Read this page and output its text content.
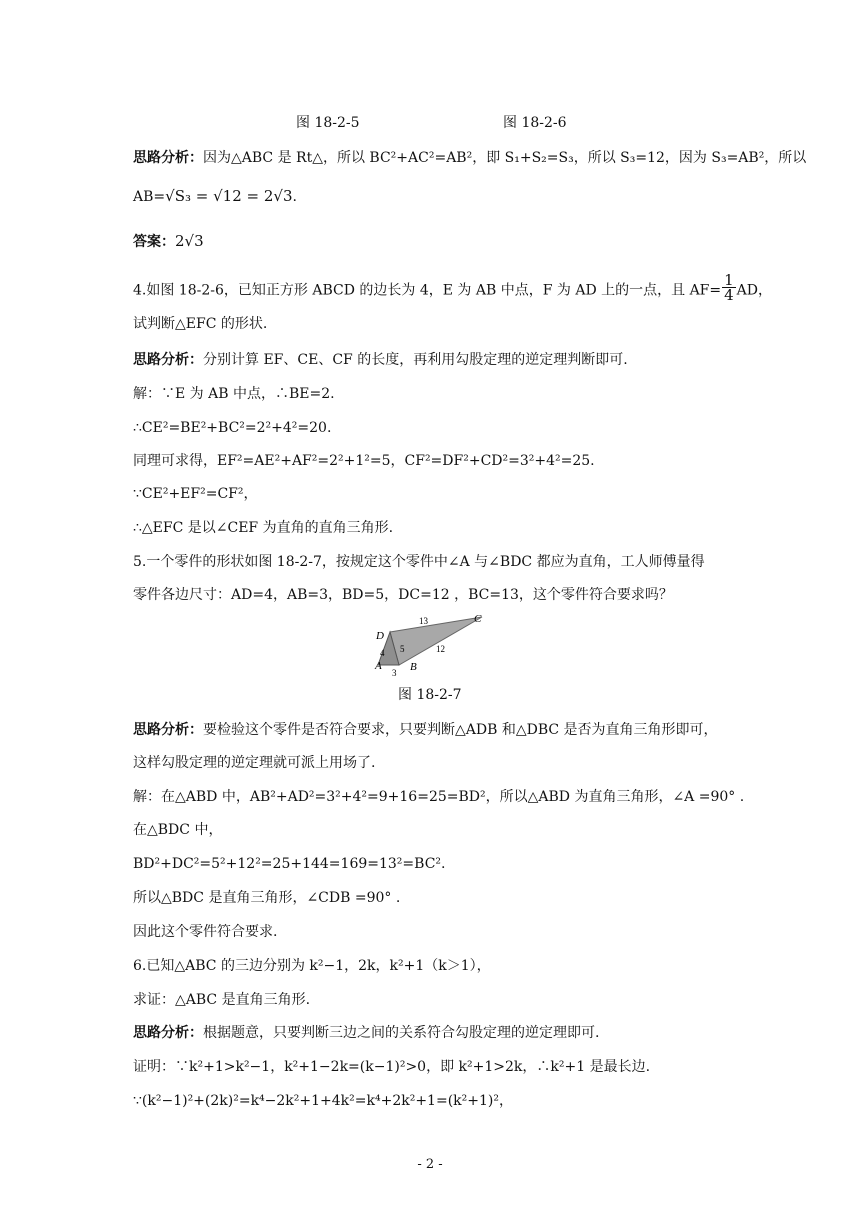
图 18-2-5	图 18-2-6
思路分析：因为△ABC 是 Rt△，所以 BC²+AC²=AB²，即 S₁+S₂=S₃，所以 S₃=12，因为 S₃=AB²，所以
AB=√S₃ = √12 = 2√3.
答案：2√3
4.如图 18-2-6，已知正方形 ABCD 的边长为 4，E 为 AB 中点，F 为 AD 上的一点，且 $AF= \frac{1}{4}$ AD，
试判断△EFC 的形状.
思路分析：分别计算 EF、CE、CF 的长度，再利用勾股定理的逆定理判断即可.
解：∵E 为 AB 中点，∴BE=2.
∴CE²=BE²+BC²=2²+4²=20.
同理可求得，EF²=AE²+AF²=2²+1²=5，CF²=DF²+CD²=3²+4²=25.
∵CE²+EF²=CF²，
∴△EFC 是以∠CEF 为直角的直角三角形.
5.一个零件的形状如图 18-2-7，按规定这个零件中∠A 与∠BDC 都应为直角，工人师傅量得
零件各边尺寸：AD=4，AB=3，BD=5，DC=12 ，BC=13，这个零件符合要求吗？
D
A	B
C
4
3
5
13
12
图 18-2-7
思路分析：要检验这个零件是否符合要求，只要判断△ADB 和△DBC 是否为直角三角形即可，
这样勾股定理的逆定理就可派上用场了.
解：在△ABD 中，AB²+AD²=3²+4²=9+16=25=BD²，所以△ABD 为直角三角形，∠A =90° .
在△BDC 中，
BD²+DC²=5²+12²=25+144=169=13²=BC².
所以△BDC 是直角三角形，∠CDB =90° .
因此这个零件符合要求.
6.已知△ABC 的三边分别为 k²−1，2k，k²+1（k＞1），
求证：△ABC 是直角三角形.
思路分析：根据题意，只要判断三边之间的关系符合勾股定理的逆定理即可.
证明：∵k²+1>k²−1，k²+1−2k=(k−1)²>0，即 k²+1>2k，∴k²+1 是最长边.
∵(k²−1)²+(2k)²=k⁴−2k²+1+4k²=k⁴+2k²+1=(k²+1)²，
- 2 -
